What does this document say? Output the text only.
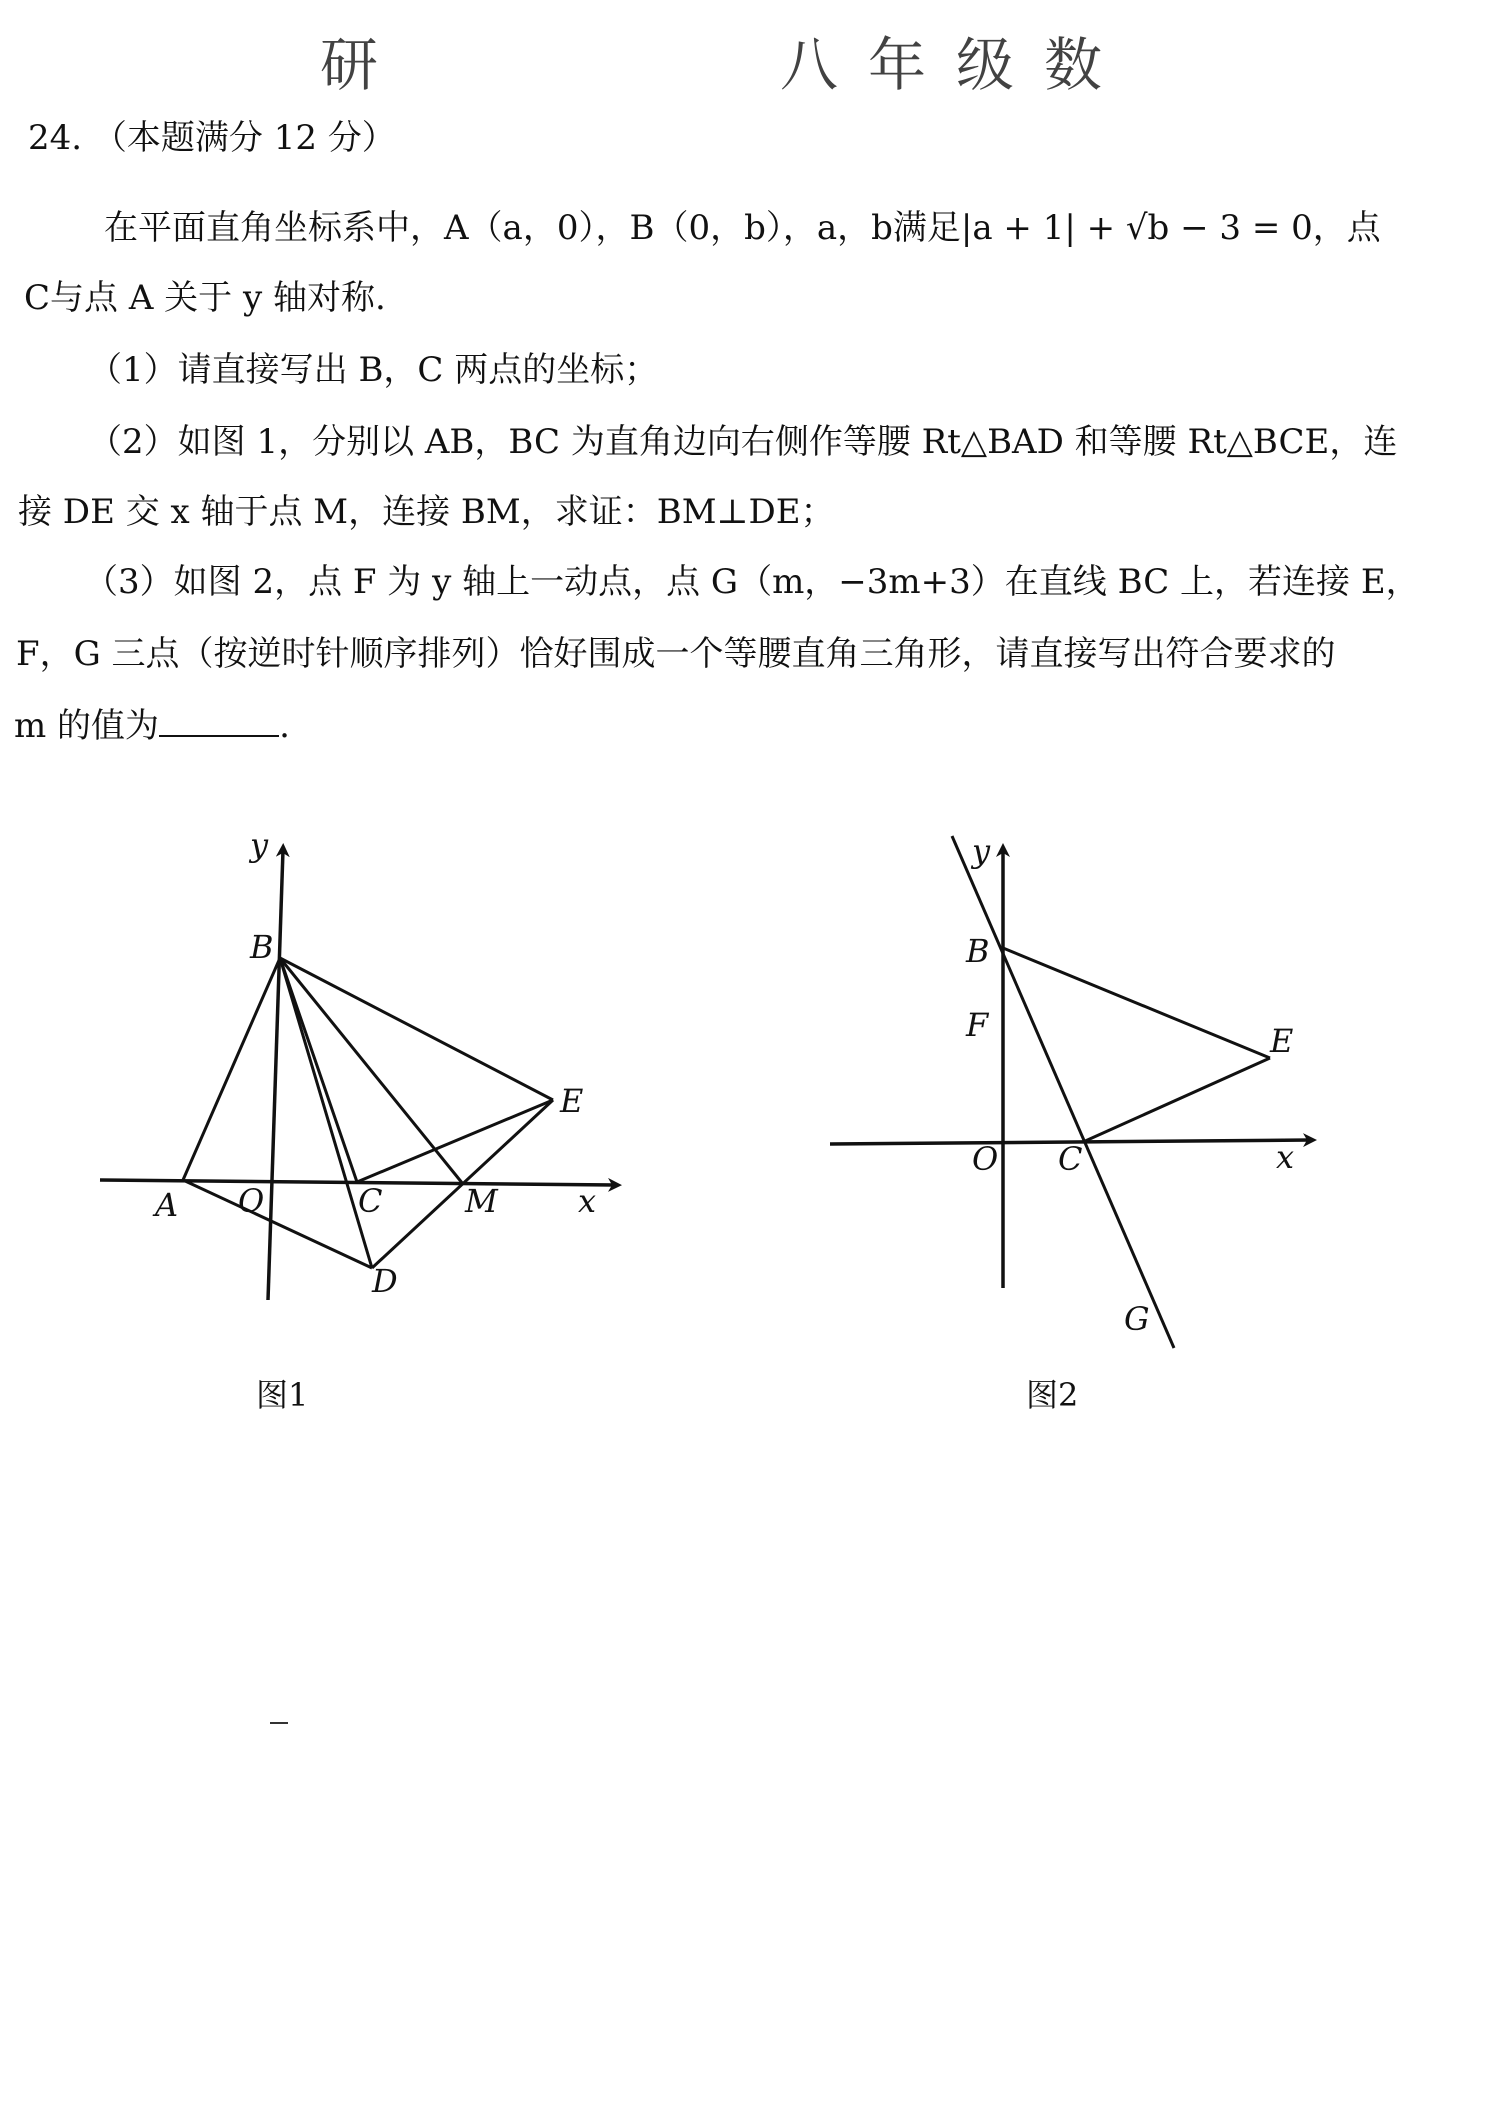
研	八年级数
24. （本题满分 12 分）
在平面直角坐标系中，A（a，0），B（0，b），a，b满足|a + 1| + √b − 3 = 0，点
C与点 A 关于 y 轴对称.
（1）请直接写出 B，C 两点的坐标；
（2）如图 1，分别以 AB，BC 为直角边向右侧作等腰 Rt△BAD 和等腰 Rt△BCE，连
接 DE 交 x 轴于点 M，连接 BM，求证：BM⊥DE；
（3）如图 2，点 F 为 y 轴上一动点，点 G（m，−3m+3）在直线 BC 上，若连接 E，
F，G 三点（按逆时针顺序排列）恰好围成一个等腰直角三角形，请直接写出符合要求的
m 的值为	.
y
B
E
A O	C	M	x
D
图1
y
B
F	E
O C	x
G
图2
